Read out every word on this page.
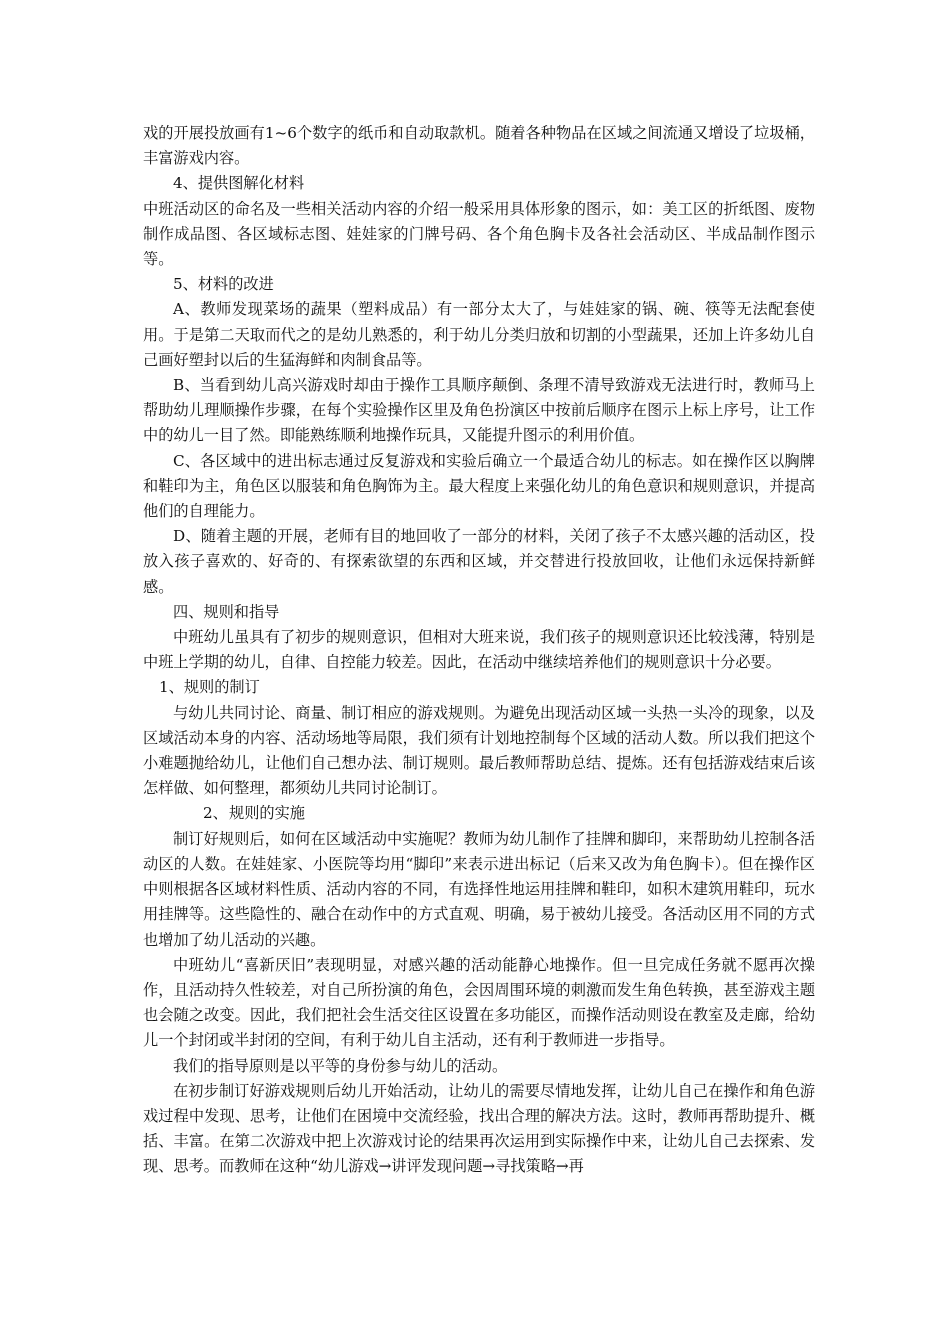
戏的开展投放画有1~6个数字的纸币和自动取款机。随着各种物品在区域之间流通又增设了垃圾桶，丰富游戏内容。

4、提供图解化材料

中班活动区的命名及一些相关活动内容的介绍一般采用具体形象的图示，如：美工区的折纸图、废物制作成品图、各区域标志图、娃娃家的门牌号码、各个角色胸卡及各社会活动区、半成品制作图示等。

5、材料的改进

A、教师发现菜场的蔬果（塑料成品）有一部分太大了，与娃娃家的锅、碗、筷等无法配套使用。于是第二天取而代之的是幼儿熟悉的，利于幼儿分类归放和切割的小型蔬果，还加上许多幼儿自己画好塑封以后的生猛海鲜和肉制食品等。

B、当看到幼儿高兴游戏时却由于操作工具顺序颠倒、条理不清导致游戏无法进行时，教师马上帮助幼儿理顺操作步骤，在每个实验操作区里及角色扮演区中按前后顺序在图示上标上序号，让工作中的幼儿一目了然。即能熟练顺利地操作玩具，又能提升图示的利用价值。

C、各区域中的进出标志通过反复游戏和实验后确立一个最适合幼儿的标志。如在操作区以胸牌和鞋印为主，角色区以服装和角色胸饰为主。最大程度上来强化幼儿的角色意识和规则意识，并提高他们的自理能力。

D、随着主题的开展，老师有目的地回收了一部分的材料，关闭了孩子不太感兴趣的活动区，投放入孩子喜欢的、好奇的、有探索欲望的东西和区域，并交替进行投放回收，让他们永远保持新鲜感。

四、规则和指导

中班幼儿虽具有了初步的规则意识，但相对大班来说，我们孩子的规则意识还比较浅薄，特别是中班上学期的幼儿，自律、自控能力较差。因此，在活动中继续培养他们的规则意识十分必要。

1、规则的制订

与幼儿共同讨论、商量、制订相应的游戏规则。为避免出现活动区域一头热一头冷的现象，以及区域活动本身的内容、活动场地等局限，我们须有计划地控制每个区域的活动人数。所以我们把这个小难题抛给幼儿，让他们自己想办法、制订规则。最后教师帮助总结、提炼。还有包括游戏结束后该怎样做、如何整理，都须幼儿共同讨论制订。

2、规则的实施

制订好规则后，如何在区域活动中实施呢？教师为幼儿制作了挂牌和脚印，来帮助幼儿控制各活动区的人数。在娃娃家、小医院等均用“脚印”来表示进出标记（后来又改为角色胸卡）。但在操作区中则根据各区域材料性质、活动内容的不同，有选择性地运用挂牌和鞋印，如积木建筑用鞋印，玩水用挂牌等。这些隐性的、融合在动作中的方式直观、明确，易于被幼儿接受。各活动区用不同的方式也增加了幼儿活动的兴趣。

中班幼儿“喜新厌旧”表现明显，对感兴趣的活动能静心地操作。但一旦完成任务就不愿再次操作，且活动持久性较差，对自己所扮演的角色，会因周围环境的刺激而发生角色转换，甚至游戏主题也会随之改变。因此，我们把社会生活交往区设置在多功能区，而操作活动则设在教室及走廊，给幼儿一个封闭或半封闭的空间，有利于幼儿自主活动，还有利于教师进一步指导。

我们的指导原则是以平等的身份参与幼儿的活动。

在初步制订好游戏规则后幼儿开始活动，让幼儿的需要尽情地发挥，让幼儿自己在操作和角色游戏过程中发现、思考，让他们在困境中交流经验，找出合理的解决方法。这时，教师再帮助提升、概括、丰富。在第二次游戏中把上次游戏讨论的结果再次运用到实际操作中来，让幼儿自己去探索、发现、思考。而教师在这种“幼儿游戏→讲评发现问题→寻找策略→再
